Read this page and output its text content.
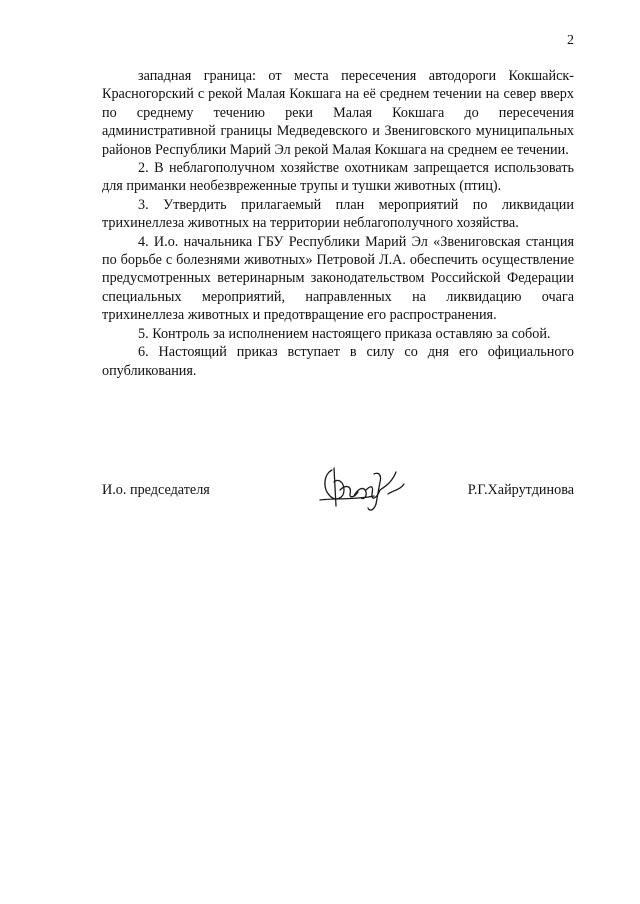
2

западная граница: от места пересечения автодороги Кокшайск-Красногорский с рекой Малая Кокшага на её среднем течении на север вверх по среднему течению реки Малая Кокшага до пересечения административной границы Медведевского и Звениговского муниципальных районов Республики Марий Эл рекой Малая Кокшага на среднем ее течении.

2. В неблагополучном хозяйстве охотникам запрещается использовать для приманки необезвреженные трупы и тушки животных (птиц).

3. Утвердить прилагаемый план мероприятий по ликвидации трихинеллеза животных на территории неблагополучного хозяйства.

4. И.о. начальника ГБУ Республики Марий Эл «Звениговская станция по борьбе с болезнями животных» Петровой Л.А. обеспечить осуществление предусмотренных ветеринарным законодательством Российской Федерации специальных мероприятий, направленных на ликвидацию очага трихинеллеза животных и предотвращение его распространения.

5. Контроль за исполнением настоящего приказа оставляю за собой.

6. Настоящий приказ вступает в силу со дня его официального опубликования.

И.о. председателя	Р.Г.Хайрутдинова
